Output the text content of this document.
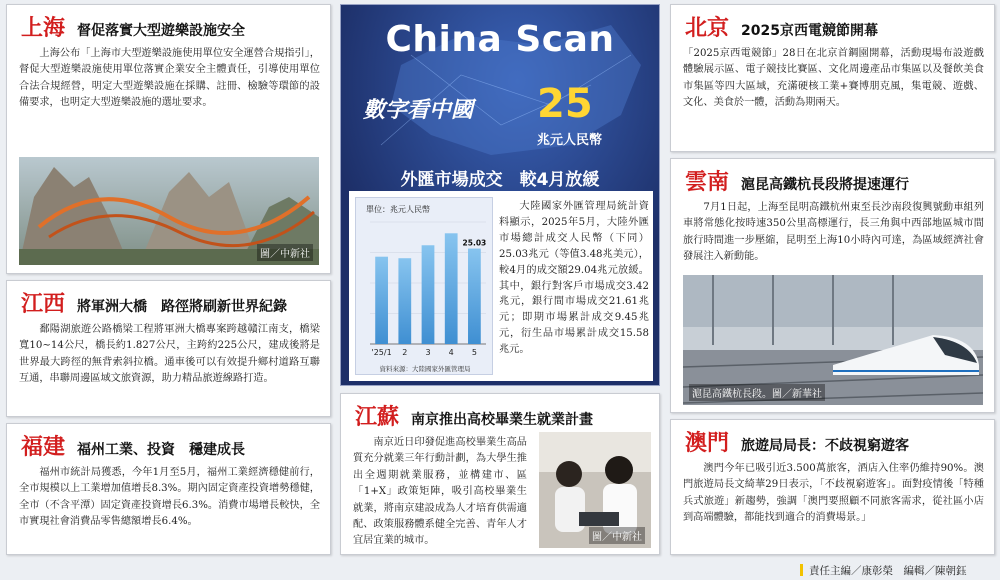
上海 督促落實大型遊樂設施安全
上海公布「上海市大型遊樂設施使用單位安全運營合規指引」，督促大型遊樂設施使用單位落實企業安全主體責任，引導使用單位合法合規經營，明定大型遊樂設施在採購、註冊、檢驗等環節的設備要求，也明定大型遊樂設施的選址要求。
圖／中新社
江西 將軍洲大橋　路徑將刷新世界紀錄
鄱陽湖旅遊公路橋梁工程將軍洲大橋專案跨越贛江南支，橋梁寬10∼14公尺，橋長約1.827公尺，主跨約225公尺，建成後將是世界最大跨徑的無背索斜拉橋。通車後可以有效提升鄉村道路互聯互通，串聯周邊區域文旅資源，助力精品旅遊線路打造。
福建 福州工業、投資　穩建成長
福州市統計局獲悉，今年1月至5月，福州工業經濟穩健前行，全市規模以上工業增加值增長8.3%。期內固定資產投資增勢穩健，全市（不含平潭）固定資產投資增長6.3%。消費市場增長較快，全市實現社會消費品零售總額增長6.4%。
China Scan
數字看中國 25
兆元人民幣
外匯市場成交　較4月放緩
單位：兆元人民幣
資料來源：大陸國家外匯管理局
'25/1 2 3 4 5
25.03
大陸國家外匯管理局統計資料顯示，2025年5月，大陸外匯市場總計成交人民幣（下同）25.03兆元（等值3.48兆美元），較4月的成交額29.04兆元放緩。其中，銀行對客戶市場成交3.42兆元，銀行間市場成交21.61兆元；即期市場累計成交9.45兆元，衍生品市場累計成交15.58兆元。
江蘇 南京推出高校畢業生就業計畫
南京近日印發促進高校畢業生高品質充分就業三年行動計劃，為大學生推出全週期就業服務，並構建市、區「1+X」政策矩陣，吸引高校畢業生就業，將南京建設成為人才培育供需適配、政策服務體系健全完善、青年人才宜居宜業的城市。	圖／中新社
北京 2025京西電競節開幕
「2025京西電競節」28日在北京首鋼園開幕，活動現場布設遊戲體驗展示區、電子競技比賽區、文化周邊產品市集區以及餐飲美食市集區等四大區域，充滿硬核工業+賽博朋克風，集電競、遊戲、文化、美食於一體，活動為期兩天。
雲南 滬昆高鐵杭長段將提速運行
7月1日起，上海至昆明高鐵杭州東至長沙南段復興號動車組列車將常態化按時速350公里高標運行，長三角與中西部地區城市間旅行時間進一步壓縮，昆明至上海10小時內可達，為區域經濟社會發展注入新動能。
滬昆高鐵杭長段。圖／新華社
澳門 旅遊局局長：不歧視窮遊客
澳門今年已吸引近3.500萬旅客，酒店入住率仍維持90%。澳門旅遊局長文綺華29日表示，「不歧視窮遊客」。面對疫情後「特種兵式旅遊」新趨勢，強調「澳門要照顧不同旅客需求，從社區小店到高端體驗，都能找到適合的消費場景。」
責任主編／康彰榮　編輯／陳朝鈺
